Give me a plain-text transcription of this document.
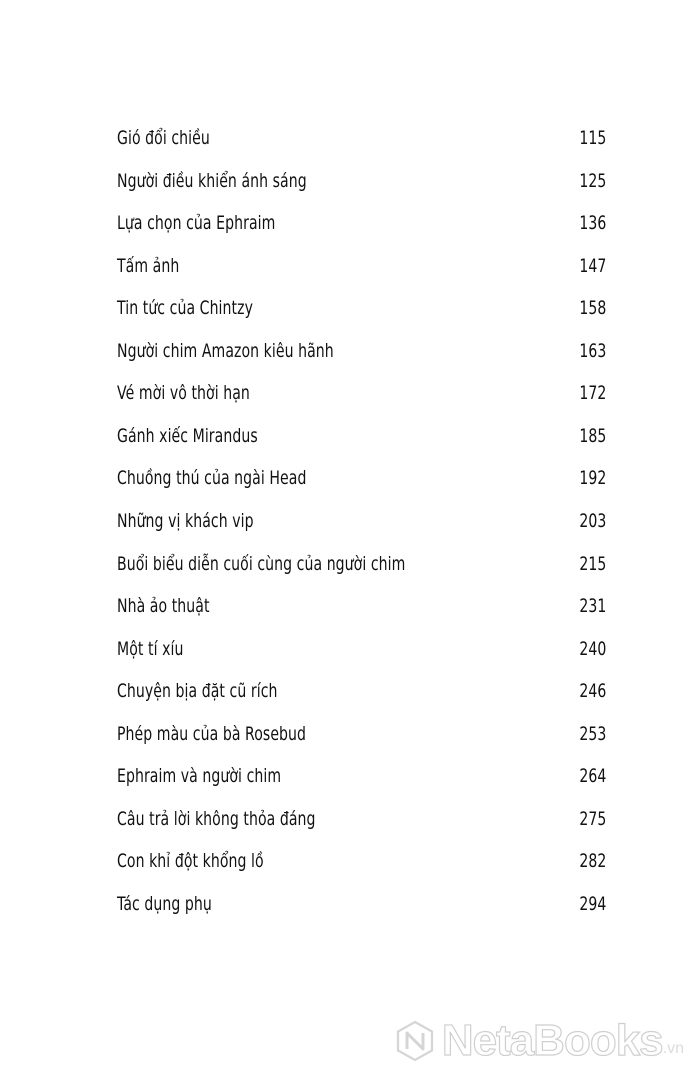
Gió đổi chiều	115
Người điều khiển ánh sáng	125
Lựa chọn của Ephraim	136
Tấm ảnh	147
Tin tức của Chintzy	158
Người chim Amazon kiêu hãnh	163
Vé mời vô thời hạn	172
Gánh xiếc Mirandus	185
Chuồng thú của ngài Head	192
Những vị khách vip	203
Buổi biểu diễn cuối cùng của người chim	215
Nhà ảo thuật	231
Một tí xíu	240
Chuyện bịa đặt cũ rích	246
Phép màu của bà Rosebud	253
Ephraim và người chim	264
Câu trả lời không thỏa đáng	275
Con khỉ đột khổng lồ	282
Tác dụng phụ	294
NetaBooks .vn
